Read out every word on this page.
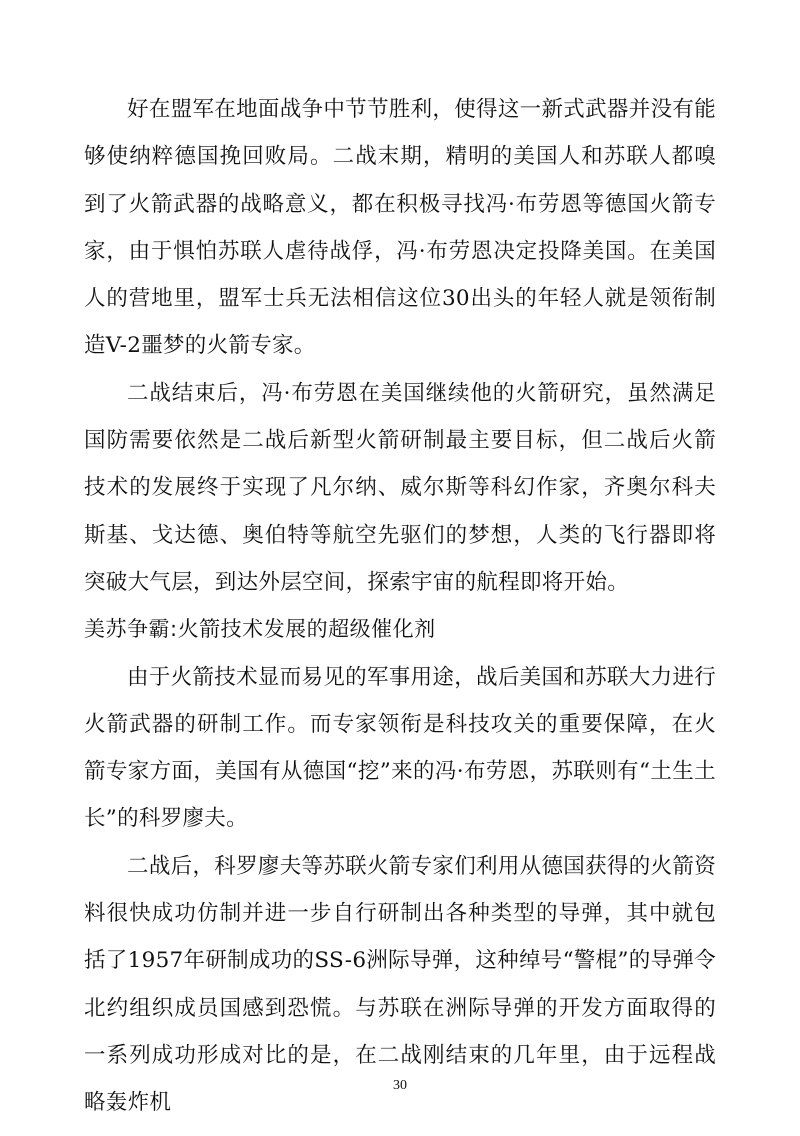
好在盟军在地面战争中节节胜利，使得这一新式武器并没有能够使纳粹德国挽回败局。二战末期，精明的美国人和苏联人都嗅到了火箭武器的战略意义，都在积极寻找冯·布劳恩等德国火箭专家，由于惧怕苏联人虐待战俘，冯·布劳恩决定投降美国。在美国人的营地里，盟军士兵无法相信这位30出头的年轻人就是领衔制造V-2噩梦的火箭专家。

二战结束后，冯·布劳恩在美国继续他的火箭研究，虽然满足国防需要依然是二战后新型火箭研制最主要目标，但二战后火箭技术的发展终于实现了凡尔纳、威尔斯等科幻作家，齐奥尔科夫斯基、戈达德、奥伯特等航空先驱们的梦想，人类的飞行器即将突破大气层，到达外层空间，探索宇宙的航程即将开始。

美苏争霸:火箭技术发展的超级催化剂

由于火箭技术显而易见的军事用途，战后美国和苏联大力进行火箭武器的研制工作。而专家领衔是科技攻关的重要保障，在火箭专家方面，美国有从德国“挖”来的冯·布劳恩，苏联则有“土生土长”的科罗廖夫。

二战后，科罗廖夫等苏联火箭专家们利用从德国获得的火箭资料很快成功仿制并进一步自行研制出各种类型的导弹，其中就包括了1957年研制成功的SS-6洲际导弹，这种绰号“警棍”的导弹令北约组织成员国感到恐慌。与苏联在洲际导弹的开发方面取得的一系列成功形成对比的是，在二战刚结束的几年里，由于远程战略轰炸机

30
